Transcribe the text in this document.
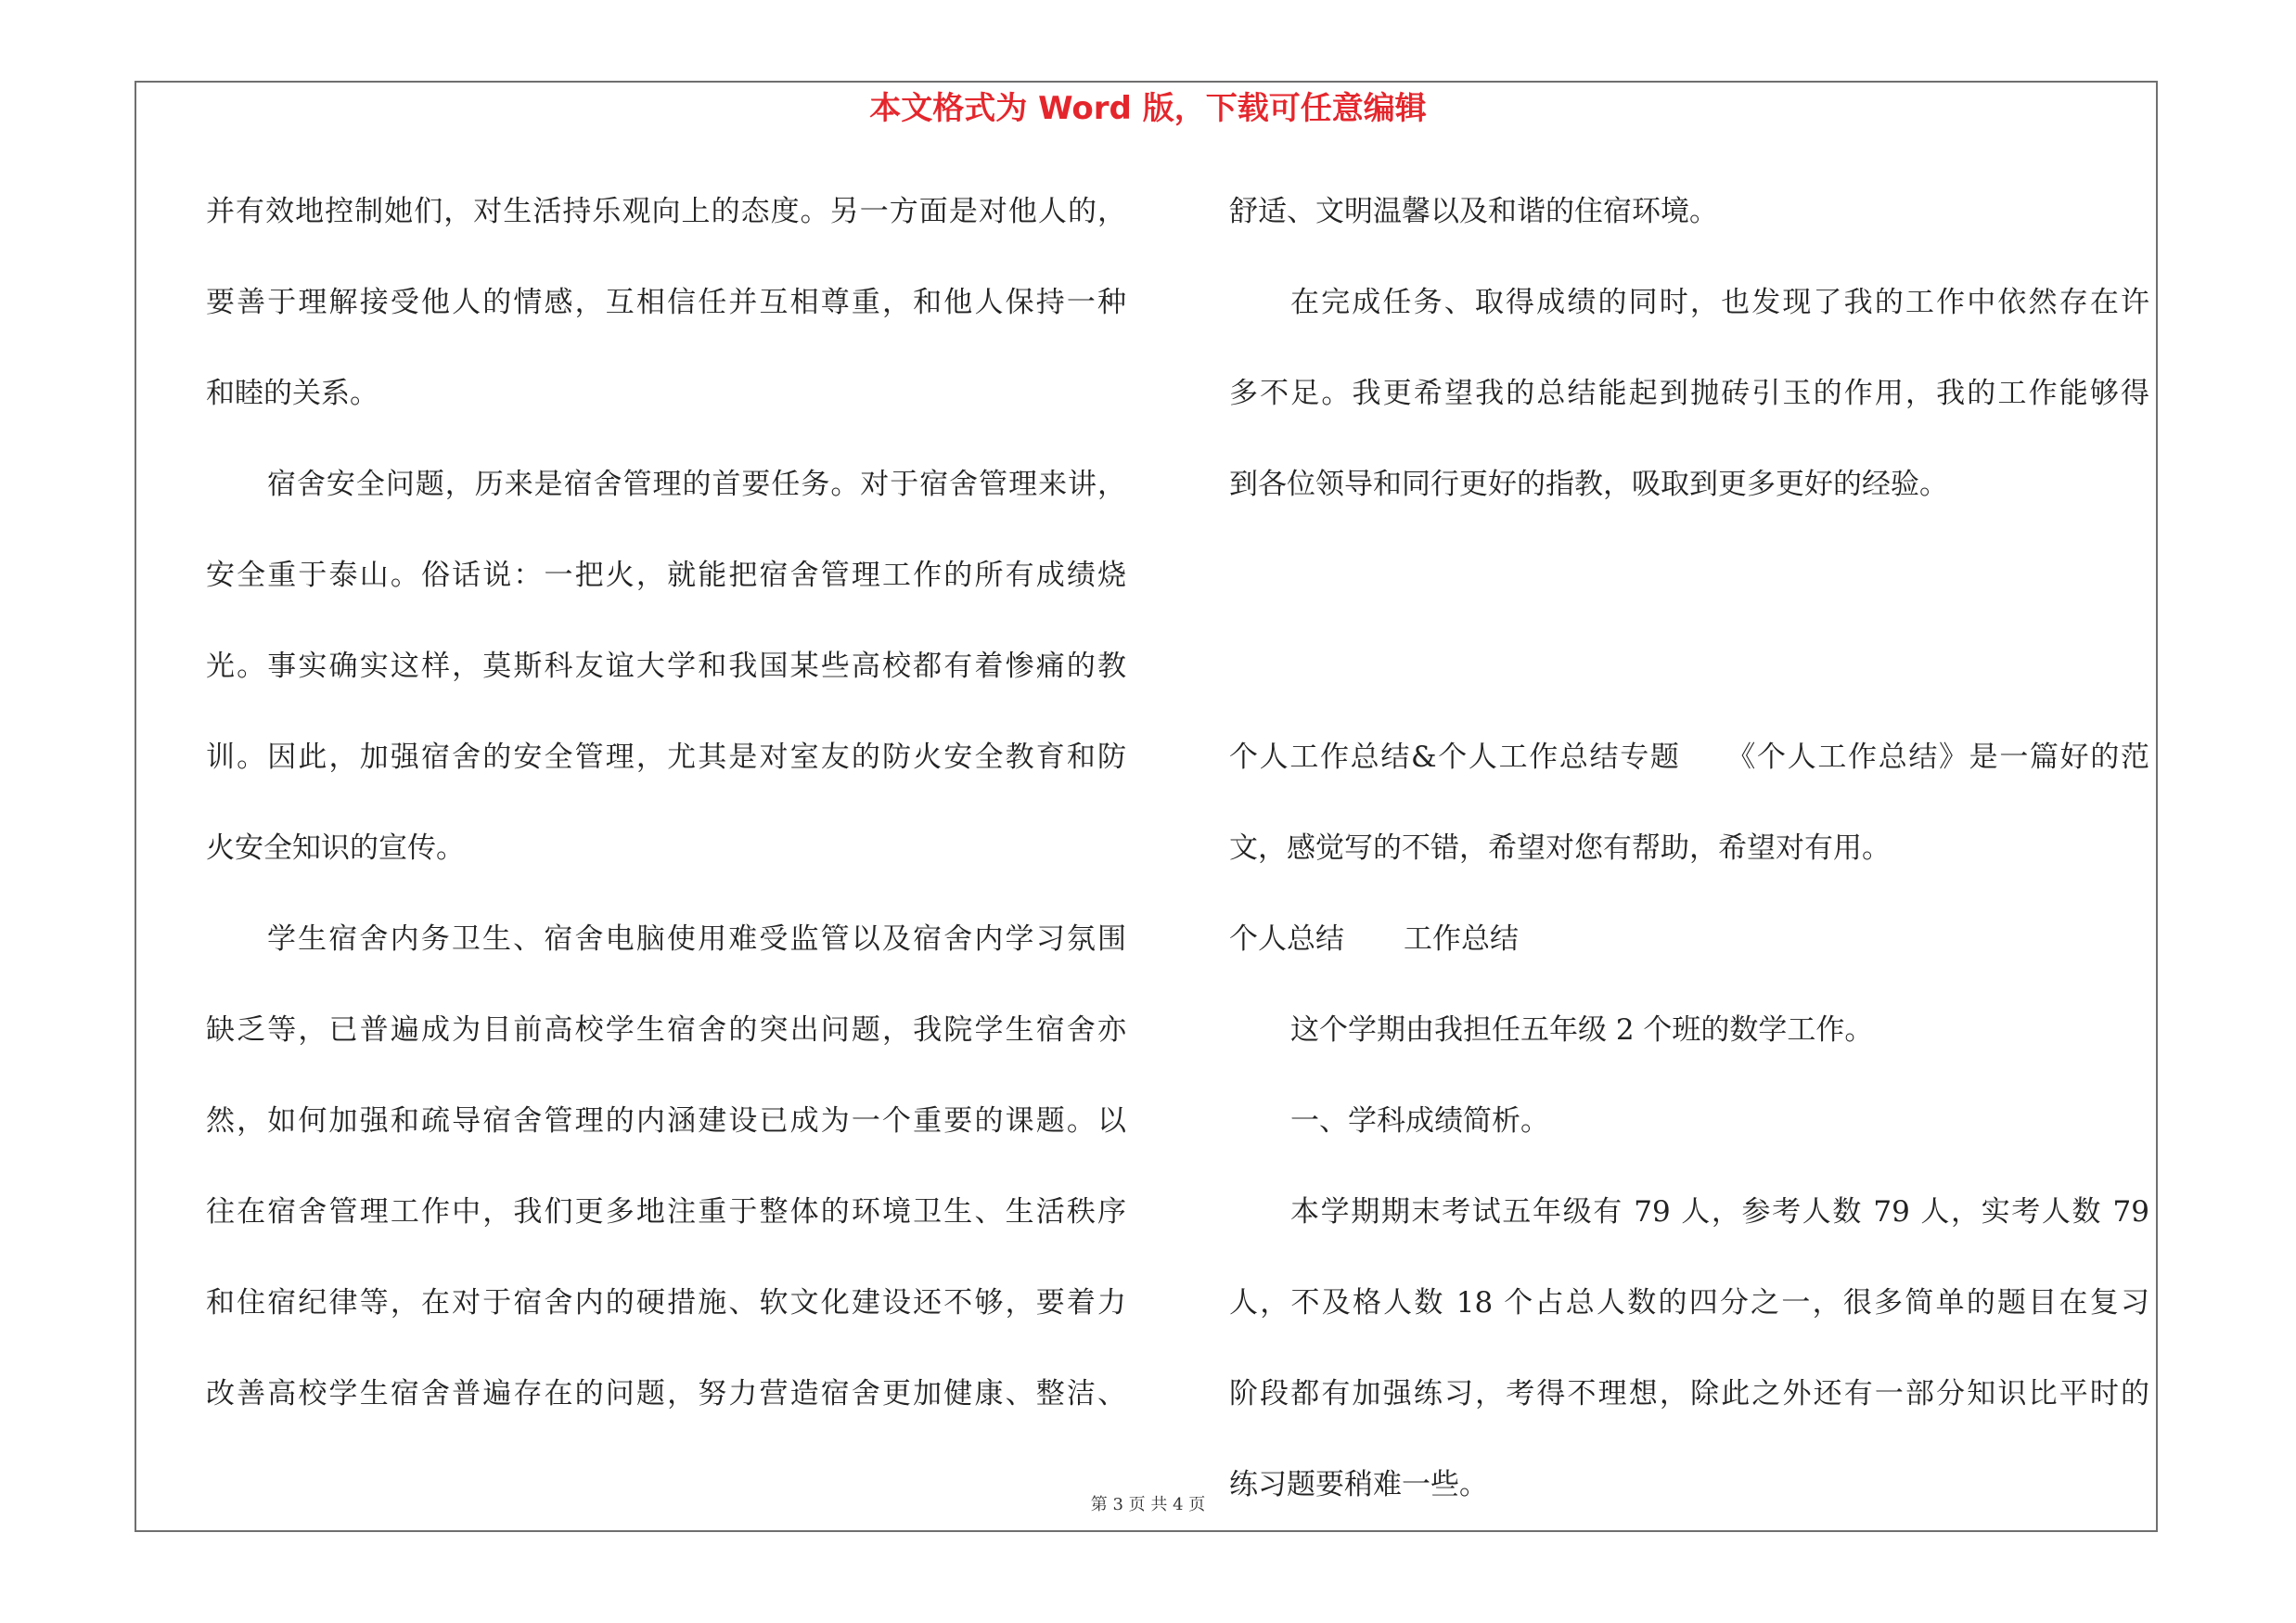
本文格式为 Word 版，下载可任意编辑
并有效地控制她们，对生活持乐观向上的态度。另一方面是对他人的，
要善于理解接受他人的情感，互相信任并互相尊重，和他人保持一种
和睦的关系。
宿舍安全问题，历来是宿舍管理的首要任务。对于宿舍管理来讲，
安全重于泰山。俗话说：一把火，就能把宿舍管理工作的所有成绩烧
光。事实确实这样，莫斯科友谊大学和我国某些高校都有着惨痛的教
训。因此，加强宿舍的安全管理，尤其是对室友的防火安全教育和防
火安全知识的宣传。
学生宿舍内务卫生、宿舍电脑使用难受监管以及宿舍内学习氛围
缺乏等，已普遍成为目前高校学生宿舍的突出问题，我院学生宿舍亦
然，如何加强和疏导宿舍管理的内涵建设已成为一个重要的课题。以
往在宿舍管理工作中，我们更多地注重于整体的环境卫生、生活秩序
和住宿纪律等，在对于宿舍内的硬措施、软文化建设还不够，要着力
改善高校学生宿舍普遍存在的问题，努力营造宿舍更加健康、整洁、
舒适、文明温馨以及和谐的住宿环境。
在完成任务、取得成绩的同时，也发现了我的工作中依然存在许
多不足。我更希望我的总结能起到抛砖引玉的作用，我的工作能够得
到各位领导和同行更好的指教，吸取到更多更好的经验。
个人工作总结&个人工作总结专题　　《个人工作总结》是一篇好的范
文，感觉写的不错，希望对您有帮助，希望对有用。
个人总结 工作总结
这个学期由我担任五年级 2 个班的数学工作。
一、学科成绩简析。
本学期期末考试五年级有 79 人，参考人数 79 人，实考人数 79
人，不及格人数 18 个占总人数的四分之一，很多简单的题目在复习
阶段都有加强练习，考得不理想，除此之外还有一部分知识比平时的
练习题要稍难一些。
第 3 页 共 4 页
